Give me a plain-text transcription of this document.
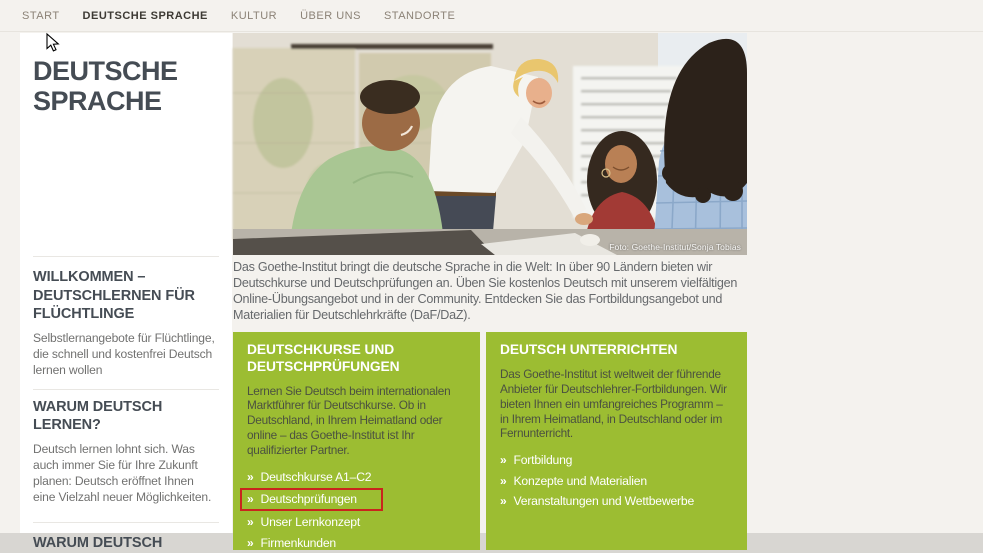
START DEUTSCHE SPRACHE KULTUR ÜBER UNS STANDORTE
DEUTSCHE SPRACHE
WILLKOMMEN – DEUTSCHLERNEN FÜR FLÜCHTLINGE
Selbstlernangebote für Flüchtlinge, die schnell und kostenfrei Deutsch lernen wollen
WARUM DEUTSCH LERNEN?
Deutsch lernen lohnt sich. Was auch immer Sie für Ihre Zukunft planen: Deutsch eröffnet Ihnen eine Vielzahl neuer Möglichkeiten.
WARUM DEUTSCH
Foto: Goethe-Institut/Sonja Tobias
Das Goethe-Institut bringt die deutsche Sprache in die Welt: In über 90 Ländern bieten wir Deutschkurse und Deutschprüfungen an. Üben Sie kostenlos Deutsch mit unserem vielfältigen Online-Übungsangebot und in der Community. Entdecken Sie das Fortbildungsangebot und Materialien für Deutschlehrkräfte (DaF/DaZ).
DEUTSCHKURSE UND DEUTSCHPRÜFUNGEN
Lernen Sie Deutsch beim internationalen Marktführer für Deutschkurse. Ob in Deutschland, in Ihrem Heimatland oder online – das Goethe-Institut ist Ihr qualifizierter Partner.
» Deutschkurse A1–C2
» Deutschprüfungen
» Unser Lernkonzept
» Firmenkunden
DEUTSCH UNTERRICHTEN
Das Goethe-Institut ist weltweit der führende Anbieter für Deutschlehrer-Fortbildungen. Wir bieten Ihnen ein umfangreiches Programm – in Ihrem Heimatland, in Deutschland oder im Fernunterricht.
» Fortbildung
» Konzepte und Materialien
» Veranstaltungen und Wettbewerbe
